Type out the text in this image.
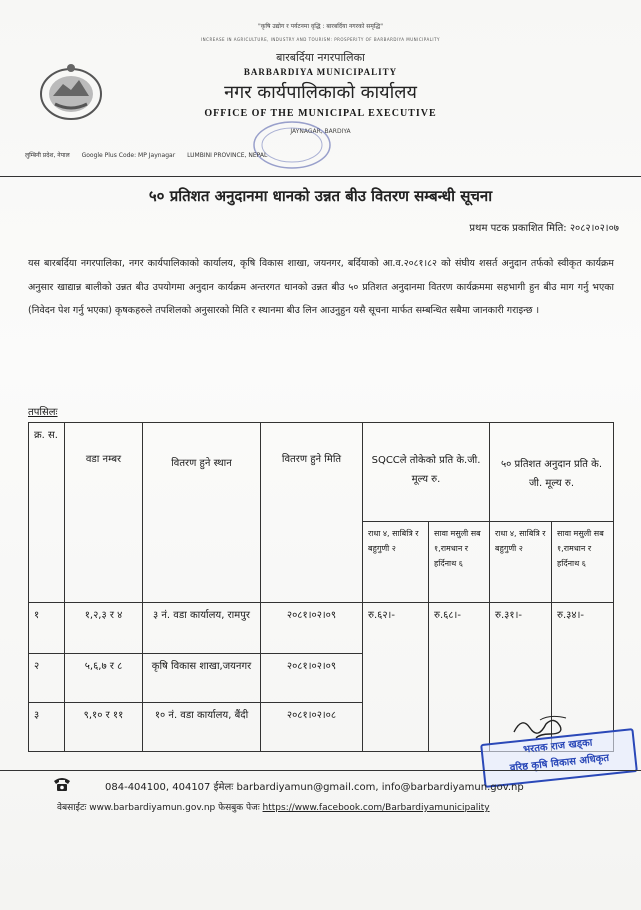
"कृषि उद्योग र पर्यटनमा वृद्धि : बारबर्दिया नगरको समृद्धि"
INCREASE IN AGRICULTURE, INDUSTRY AND TOURISM: PROSPERITY OF BARBARDIYA MUNICIPALITY
बारबर्दिया नगरपालिका
BARBARDIYA MUNICIPALITY
नगर कार्यपालिकाको कार्यालय
OFFICE OF THE MUNICIPAL EXECUTIVE
JAYNAGAR, BARDIYA
लुम्बिनी प्रदेश, नेपाल Google Plus Code: MP Jaynagar LUMBINI PROVINCE, NEPAL
५० प्रतिशत अनुदानमा धानको उन्नत बीउ वितरण सम्बन्धी सूचना
प्रथम पटक प्रकाशित मिति: २०८२।०२।०७
यस बारबर्दिया नगरपालिका, नगर कार्यपालिकाको कार्यालय, कृषि विकास शाखा, जयनगर, बर्दियाको आ.व.२०८१।८२ को संघीय शसर्त अनुदान तर्फको स्वीकृत कार्यक्रम अनुसार खाद्यान्न बालीको उन्नत बीउ उपयोगमा अनुदान कार्यक्रम अन्तरगत धानको उन्नत बीउ ५० प्रतिशत अनुदानमा वितरण कार्यक्रममा सहभागी हुन बीउ माग गर्नु भएका (निवेदन पेश गर्नु भएका) कृषकहरुले तपशिलको अनुसारको मिति र स्थानमा बीउ लिन आउनुहुन यसै सूचना मार्फत सम्बन्धित सबैमा जानकारी गराइन्छ ।
तपसिलः
क्र. स.	वडा नम्बर	वितरण हुने स्थान	वितरण हुने मिति	SQCCले तोकेको प्रति के.जी. मूल्य रु.		५० प्रतिशत अनुदान प्रति के. जी. मूल्य रु.	
				राधा ४, साबित्रि र बहुगुणी २	सावा मसुली सब १,रामधान र हर्दिनाथ ६	राधा ४, साबित्रि र बहुगुणी २	सावा मसुली सब १,रामधान र हर्दिनाथ ६
१	१,२,३ र ४	३ नं. वडा कार्यालय, रामपुर	२०८१।०२।०९	रु.६२।-	रु.६८।-	रु.३१।-	रु.३४।-
२	५,६,७ र ८	कृषि विकास शाखा,जयनगर	२०८१।०२।०९				
३	९,१० र ११	१० नं. वडा कार्यालय, बैंदी	२०८१।०२।०८				
भरतक राज खड्का
वरिष्ठ कृषि विकास अधिकृत
084-404100, 404107 ईमेलः barbardiyamun@gmail.com, info@barbardiyamun.gov.np
वेबसाईटः www.barbardiyamun.gov.np फेसबुक पेजः https://www.facebook.com/Barbardiyamunicipality
